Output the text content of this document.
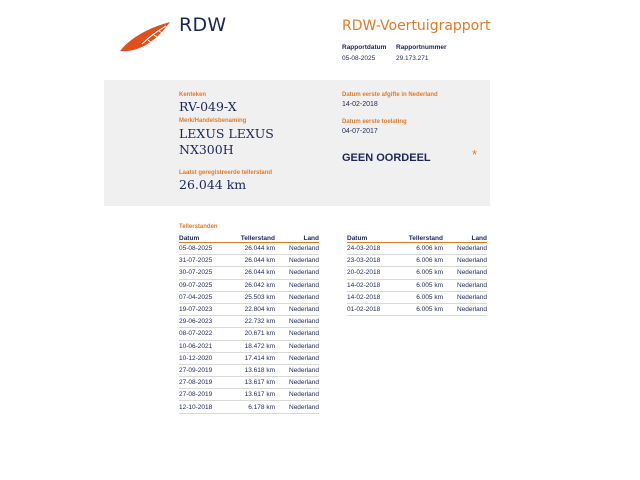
RDW	RDW-Voertuigrapport
Rapportdatum
05-08-2025
Rapportnummer
29.173.271
Kenteken
RV-049-X
Merk/Handelsbenaming
LEXUS LEXUS
NX300H
Laatst geregistreerde tellerstand
26.044 km
Datum eerste afgifte in Nederland
14-02-2018
Datum eerste toelating
04-07-2017
GEEN OORDEEL	*
Tellerstanden
Datum	Tellerstand	Land
05-08-2025	26.044 km	Nederland
31-07-2025	26.044 km	Nederland
30-07-2025	26.044 km	Nederland
09-07-2025	26.042 km	Nederland
07-04-2025	25.503 km	Nederland
19-07-2023	22.804 km	Nederland
29-06-2023	22.732 km	Nederland
08-07-2022	20.671 km	Nederland
10-06-2021	18.472 km	Nederland
10-12-2020	17.414 km	Nederland
27-09-2019	13.618 km	Nederland
27-08-2019	13.617 km	Nederland
27-08-2019	13.617 km	Nederland
12-10-2018	6.178 km	Nederland
Datum	Tellerstand	Land
24-03-2018	6.006 km	Nederland
23-03-2018	6.006 km	Nederland
20-02-2018	6.005 km	Nederland
14-02-2018	6.005 km	Nederland
14-02-2018	6.005 km	Nederland
01-02-2018	6.005 km	Nederland
